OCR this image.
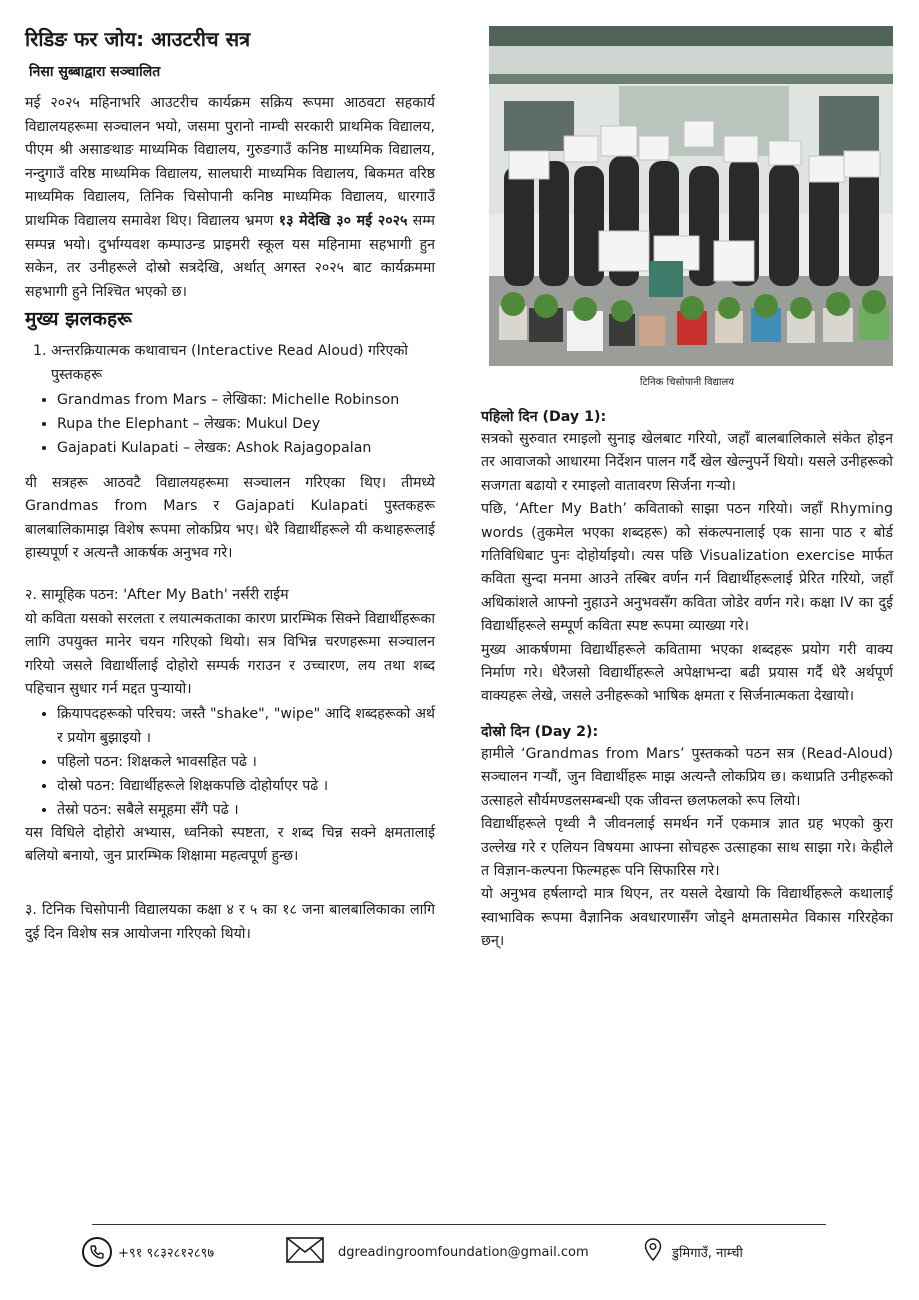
रिडिङ फर जोय: आउटरीच सत्र
निसा सुब्बाद्वारा सञ्चालित

मई २०२५ महिनाभरि आउटरीच कार्यक्रम सक्रिय रूपमा आठवटा सहकार्य विद्यालयहरूमा सञ्चालन भयो, जसमा पुरानो नाम्ची सरकारी प्राथमिक विद्यालय, पीएम श्री असाङथाङ माध्यमिक विद्यालय, गुरुङगाउँ कनिष्ठ माध्यमिक विद्यालय, नन्दुगाउँ वरिष्ठ माध्यमिक विद्यालय, सालघारी माध्यमिक विद्यालय, बिकमत वरिष्ठ माध्यमिक विद्यालय, तिनिक चिसोपानी कनिष्ठ माध्यमिक विद्यालय, धारगाउँ प्राथमिक विद्यालय समावेश थिए। विद्यालय भ्रमण १३ मेदेखि ३० मई २०२५ सम्म सम्पन्न भयो। दुर्भाग्यवश कम्पाउन्ड प्राइमरी स्कूल यस महिनामा सहभागी हुन सकेन, तर उनीहरूले दोस्रो सत्रदेखि, अर्थात् अगस्त २०२५ बाट कार्यक्रममा सहभागी हुने निश्चित भएको छ।

मुख्य झलकहरू
1. अन्तरक्रियात्मक कथावाचन (Interactive Read Aloud) गरिएको पुस्तकहरू
• Grandmas from Mars – लेखिका: Michelle Robinson
• Rupa the Elephant – लेखक: Mukul Dey
• Gajapati Kulapati – लेखक: Ashok Rajagopalan

यी सत्रहरू आठवटै विद्यालयहरूमा सञ्चालन गरिएका थिए। तीमध्ये Grandmas from Mars र Gajapati Kulapati पुस्तकहरू बालबालिकामाझ विशेष रूपमा लोकप्रिय भए। धेरै विद्यार्थीहरूले यी कथाहरूलाई हास्यपूर्ण र अत्यन्तै आकर्षक अनुभव गरे।

२. सामूहिक पठन: 'After My Bath' नर्सरी राईम

यो कविता यसको सरलता र लयात्मकताका कारण प्रारम्भिक सिक्ने विद्यार्थीहरूका लागि उपयुक्त मानेर चयन गरिएको थियो। सत्र विभिन्न चरणहरूमा सञ्चालन गरियो जसले विद्यार्थीलाई दोहोरो सम्पर्क गराउन र उच्चारण, लय तथा शब्द पहिचान सुधार गर्न मद्दत पुर्‍यायो।

• क्रियापदहरूको परिचय: जस्तै "shake", "wipe" आदि शब्दहरूको अर्थ र प्रयोग बुझाइयो ।
• पहिलो पठन: शिक्षकले भावसहित पढे ।
• दोस्रो पठन: विद्यार्थीहरूले शिक्षकपछि दोहोर्याएर पढे ।
• तेस्रो पठन: सबैले समूहमा सँगै पढे ।

यस विधिले दोहोरो अभ्यास, ध्वनिको स्पष्टता, र शब्द चिन्न सक्ने क्षमतालाई बलियो बनायो, जुन प्रारम्भिक शिक्षामा महत्वपूर्ण हुन्छ।

३. टिनिक चिसोपानी विद्यालयका कक्षा ४ र ५ का १८ जना बालबालिकाका लागि दुई दिन विशेष सत्र आयोजना गरिएको थियो।

टिनिक चिसोपानी विद्यालय
पहिलो दिन (Day 1):

सत्रको सुरुवात रमाइलो सुनाइ खेलबाट गरियो, जहाँ बालबालिकाले संकेत होइन तर आवाजको आधारमा निर्देशन पालन गर्दै खेल खेल्नुपर्ने थियो। यसले उनीहरूको सजगता बढायो र रमाइलो वातावरण सिर्जना गर्‍यो।

पछि, ‘After My Bath’ कविताको साझा पठन गरियो। जहाँ Rhyming words (तुकमेल भएका शब्दहरू) को संकल्पनालाई एक साना पाठ र बोर्ड गतिविधिबाट पुनः दोहोर्याइयो। त्यस पछि Visualization exercise मार्फत कविता सुन्दा मनमा आउने तस्बिर वर्णन गर्न विद्यार्थीहरूलाई प्रेरित गरियो, जहाँ अधिकांशले आफ्नो नुहाउने अनुभवसँग कविता जोडेर वर्णन गरे। कक्षा IV का दुई विद्यार्थीहरूले सम्पूर्ण कविता स्पष्ट रूपमा व्याख्या गरे।

मुख्य आकर्षणमा विद्यार्थीहरूले कवितामा भएका शब्दहरू प्रयोग गरी वाक्य निर्माण गरे। धेरैजसो विद्यार्थीहरूले अपेक्षाभन्दा बढी प्रयास गर्दै धेरै अर्थपूर्ण वाक्यहरू लेखे, जसले उनीहरूको भाषिक क्षमता र सिर्जनात्मकता देखायो।

दोस्रो दिन (Day 2):

हामीले ‘Grandmas from Mars’ पुस्तकको पठन सत्र (Read-Aloud) सञ्चालन गर्‍यौं, जुन विद्यार्थीहरू माझ अत्यन्तै लोकप्रिय छ। कथाप्रति उनीहरूको उत्साहले सौर्यमण्डलसम्बन्धी एक जीवन्त छलफलको रूप लियो।

विद्यार्थीहरूले पृथ्वी नै जीवनलाई समर्थन गर्ने एकमात्र ज्ञात ग्रह भएको कुरा उल्लेख गरे र एलियन विषयमा आफ्ना सोचहरू उत्साहका साथ साझा गरे। केहीले त विज्ञान-कल्पना फिल्महरू पनि सिफारिस गरे।

यो अनुभव हर्षलाग्दो मात्र थिएन, तर यसले देखायो कि विद्यार्थीहरूले कथालाई स्वाभाविक रूपमा वैज्ञानिक अवधारणासँग जोड्ने क्षमतासमेत विकास गरिरहेका छन्।

+९१ ९८३२८१२८९७	dgreadingroomfoundation@gmail.com	डुमिगाउँ, नाम्ची
